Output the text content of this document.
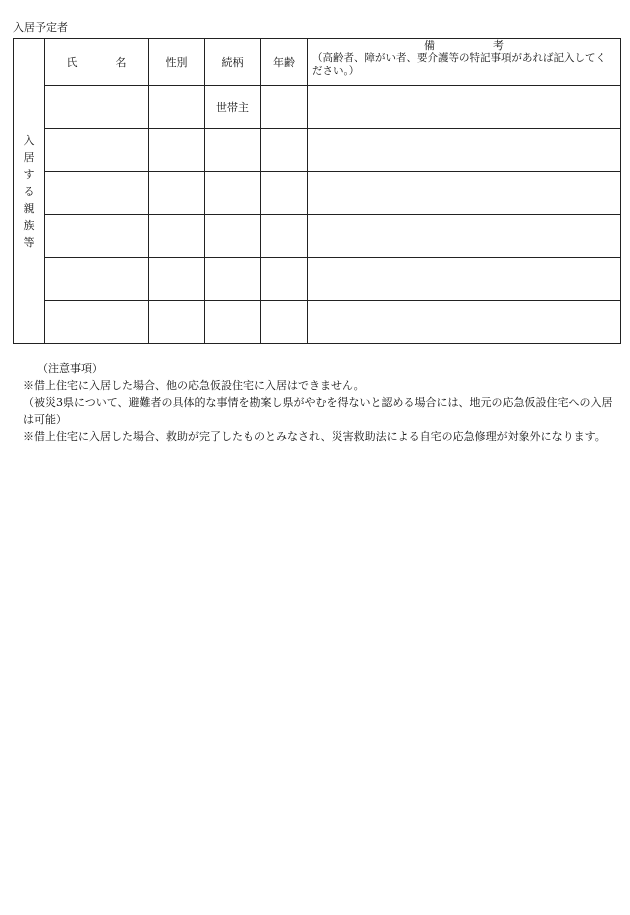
入居予定者
入居する親族等	氏 名	性別	続柄	年齢	備 考
（高齢者、障がい者、要介護等の特記事項があれば記入してください。）

			世帯主		

（注意事項）

※借上住宅に入居した場合、他の応急仮設住宅に入居はできません。

（被災3県について、避難者の具体的な事情を勘案し県がやむを得ないと認める場合には、地元の応急仮設住宅への入居は可能）

※借上住宅に入居した場合、救助が完了したものとみなされ、災害救助法による自宅の応急修理が対象外になります。
